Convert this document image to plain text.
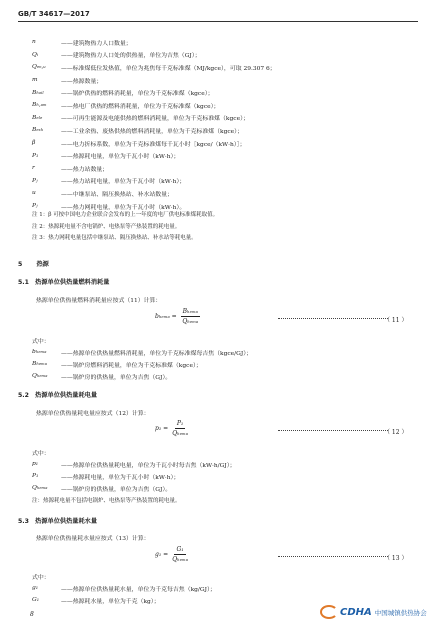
GB/T 34617—2017
n	——建筑物热力人口数量；
Qᵢ	——建筑物热力人口处的供热量，单位为吉焦（GJ）；
Qₑₙ,ᵤ	——标准煤低位发热值，单位为兆焦每千克标准煤（MJ/kgce），可取 29.307 6；
m	——热源数量；
Bₕₒᵢₗ	——锅炉供热的燃料消耗量，单位为千克标准煤（kgce）；
Bₕ,ₐₘ	——热电厂供热的燃料消耗量，单位为千克标准煤（kgce）；
Bₑₗₑ	——可再生能源及电能供热的燃料消耗量，单位为千克标准煤（kgce）；
Bₑₓₕ	——工业余热、废热供热的燃料消耗量，单位为千克标准煤（kgce）；
β	——电力折标系数，单位为千克标准煤每千瓦小时［kgce/（kW·h）］；
P₁	——热源耗电量，单位为千瓦小时（kW·h）；
r	——热力站数量；
Pⱼ	——热力站耗电量，单位为千瓦小时（kW·h）；
u	——中继泵站、隔压换热站、补水站数量；
Pⱼ	——热力网耗电量，单位为千瓦小时（kW·h）。
注 1：β 可按中国电力企业联合会发布的上一年度的电厂供电标准煤耗取值。
注 2：热源耗电量不含电锅炉、电热泵等产热装置的耗电量。
注 3：热力网耗电量包括中继泵站、隔压换热站、补水站等耗电量。
5 热源
5.1　热源单位供热量燃料消耗量
热源单位供热量燃料消耗量应按式（11）计算：
$b_{hema} = \frac{\text{Bₕₑₘₐ}}{\text{Qₕₑₘₐ}}$	（ 11 ）
式中：
bₕₑₘₐ	——热源单位供热量燃料消耗量，单位为千克标准煤每吉焦（kgce/GJ）；
Bₕₑₘₐ	——锅炉房燃料消耗量，单位为千克标准煤（kgce）；
Qₕₑₘₐ	——锅炉房的供热量，单位为吉焦（GJ）。
5.2　热源单位供热量耗电量
热源单位供热量耗电量应按式（12）计算：
$p_1 = \frac{\text{P₁}}{\text{Qₕₑₘₐ}}$	（ 12 ）
式中：
p₁	——热源单位供热量耗电量，单位为千瓦小时每吉焦（kW·h/GJ）；
P₁	——热源耗电量，单位为千瓦小时（kW·h）；
Qₕₑₘₐ	——锅炉房的供热量，单位为吉焦（GJ）。
注：热源耗电量不包括电锅炉、电热泵等产热装置的耗电量。
5.3　热源单位供热量耗水量
热源单位供热量耗水量应按式（13）计算：
$g_1 = \frac{\text{G₁}}{\text{Qₕₑₘₐ}}$	（ 13 ）
式中：
g₁	——热源单位供热量耗水量，单位为千克每吉焦（kg/GJ）；
G₁	——热源耗水量，单位为千克（kg）；
8	CDHA 中国城镇供热协会
